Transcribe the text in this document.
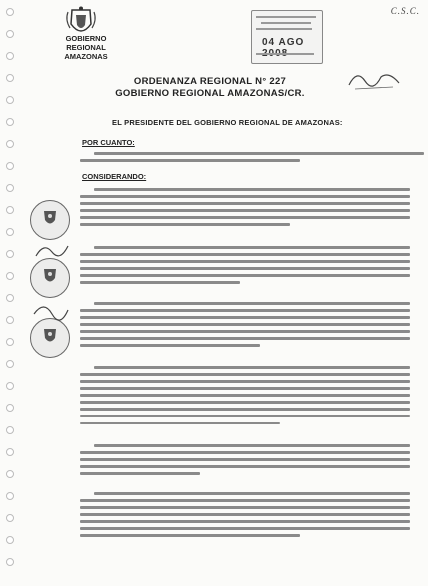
C.S.C.
GOBIERNO REGIONAL
AMAZONAS
04 AGO
ORDENANZA REGIONAL N° 227
GOBIERNO REGIONAL AMAZONAS/CR.
EL PRESIDENTE DEL GOBIERNO REGIONAL DE AMAZONAS:
POR CUANTO:
CONSIDERANDO:
